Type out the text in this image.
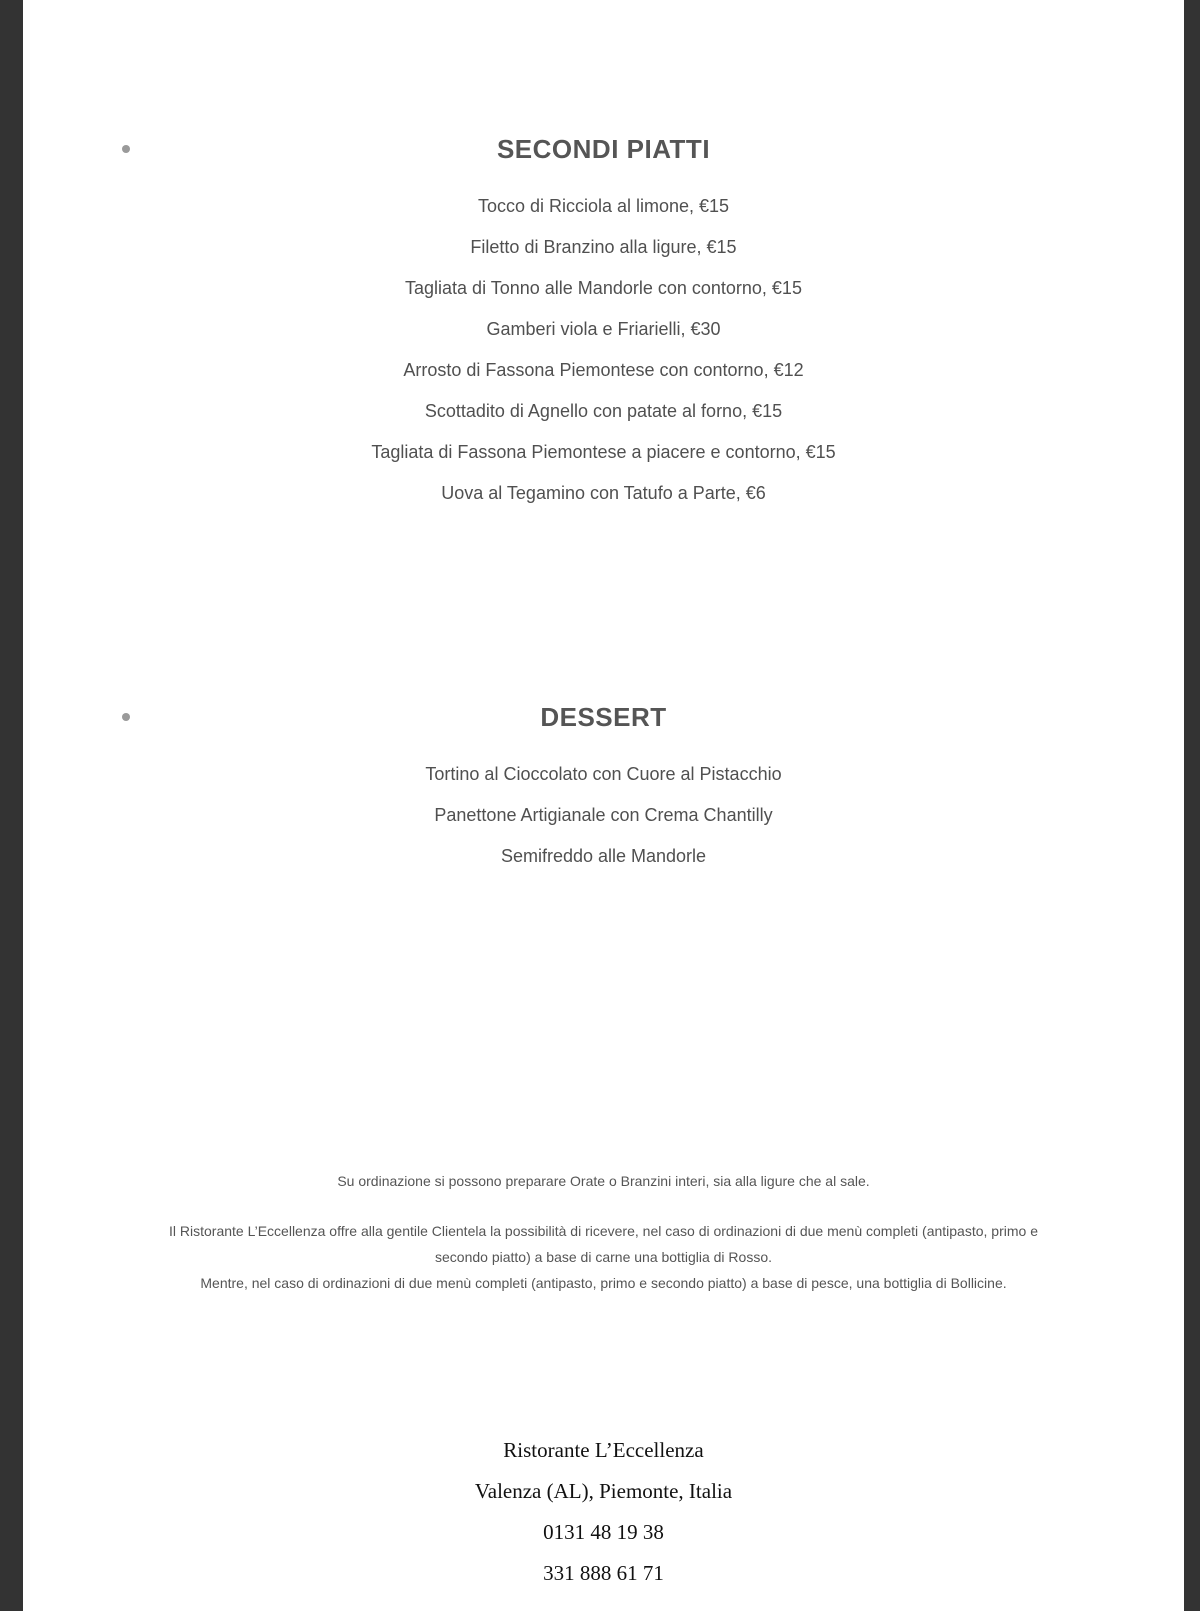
SECONDI PIATTI
Tocco di Ricciola al limone, €15
Filetto di Branzino alla ligure, €15
Tagliata di Tonno alle Mandorle con contorno, €15
Gamberi viola e Friarielli, €30
Arrosto di Fassona Piemontese con contorno, €12
Scottadito di Agnello con patate al forno, €15
Tagliata di Fassona Piemontese a piacere e contorno, €15
Uova al Tegamino con Tatufo a Parte, €6
DESSERT
Tortino al Cioccolato con Cuore al Pistacchio
Panettone Artigianale con Crema Chantilly
Semifreddo alle Mandorle
Su ordinazione si possono preparare Orate o Branzini interi, sia alla ligure che al sale.
Il Ristorante L’Eccellenza offre alla gentile Clientela la possibilità di ricevere, nel caso di ordinazioni di due menù completi (antipasto, primo e
secondo piatto) a base di carne una bottiglia di Rosso.
Mentre, nel caso di ordinazioni di due menù completi (antipasto, primo e secondo piatto) a base di pesce, una bottiglia di Bollicine.
Ristorante L’Eccellenza
Valenza (AL), Piemonte, Italia
0131 48 19 38
331 888 61 71
